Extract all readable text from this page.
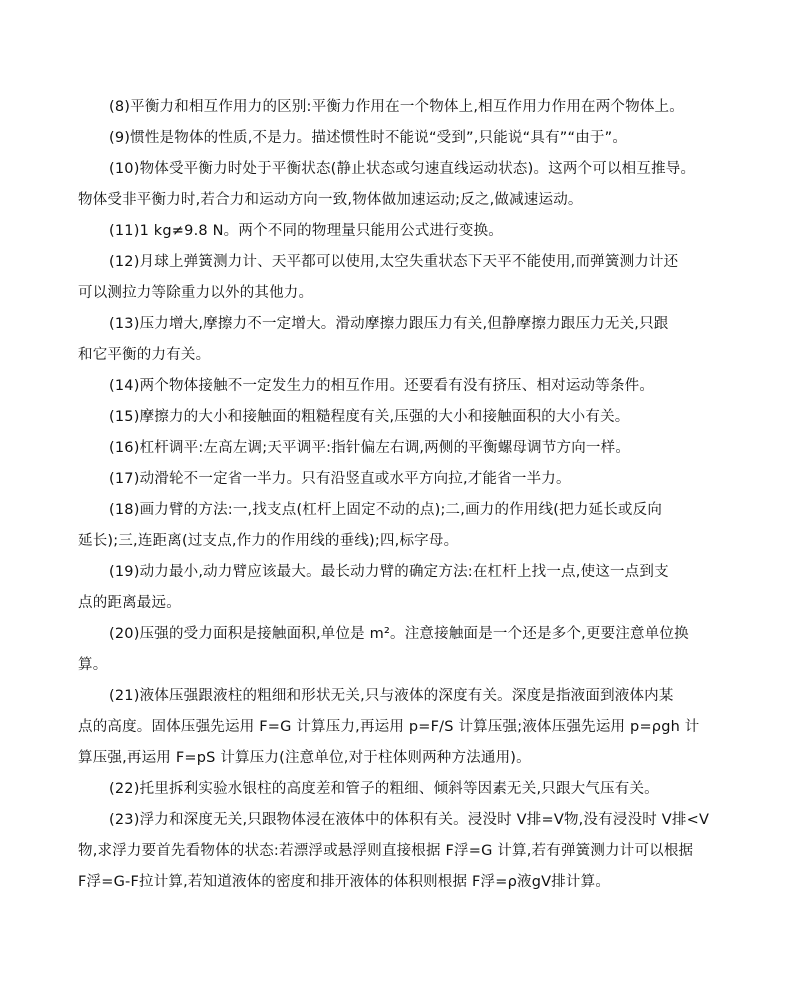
(8)平衡力和相互作用力的区别:平衡力作用在一个物体上,相互作用力作用在两个物体上。
(9)惯性是物体的性质,不是力。描述惯性时不能说“受到”,只能说“具有”“由于”。
(10)物体受平衡力时处于平衡状态(静止状态或匀速直线运动状态)。这两个可以相互推导。
物体受非平衡力时,若合力和运动方向一致,物体做加速运动;反之,做减速运动。
(11)1 kg≠9.8 N。两个不同的物理量只能用公式进行变换。
(12)月球上弹簧测力计、天平都可以使用,太空失重状态下天平不能使用,而弹簧测力计还
可以测拉力等除重力以外的其他力。
(13)压力增大,摩擦力不一定增大。滑动摩擦力跟压力有关,但静摩擦力跟压力无关,只跟
和它平衡的力有关。
(14)两个物体接触不一定发生力的相互作用。还要看有没有挤压、相对运动等条件。
(15)摩擦力的大小和接触面的粗糙程度有关,压强的大小和接触面积的大小有关。
(16)杠杆调平:左高左调;天平调平:指针偏左右调,两侧的平衡螺母调节方向一样。
(17)动滑轮不一定省一半力。只有沿竖直或水平方向拉,才能省一半力。
(18)画力臂的方法:一,找支点(杠杆上固定不动的点);二,画力的作用线(把力延长或反向
延长);三,连距离(过支点,作力的作用线的垂线);四,标字母。
(19)动力最小,动力臂应该最大。最长动力臂的确定方法:在杠杆上找一点,使这一点到支
点的距离最远。
(20)压强的受力面积是接触面积,单位是 m²。注意接触面是一个还是多个,更要注意单位换
算。
(21)液体压强跟液柱的粗细和形状无关,只与液体的深度有关。深度是指液面到液体内某
点的高度。固体压强先运用 F=G 计算压力,再运用 p=F/S 计算压强;液体压强先运用 p=ρgh 计
算压强,再运用 F=pS 计算压力(注意单位,对于柱体则两种方法通用)。
(22)托里拆利实验水银柱的高度差和管子的粗细、倾斜等因素无关,只跟大气压有关。
(23)浮力和深度无关,只跟物体浸在液体中的体积有关。浸没时 V排=V物,没有浸没时 V排<V
物,求浮力要首先看物体的状态:若漂浮或悬浮则直接根据 F浮=G 计算,若有弹簧测力计可以根据
F浮=G-F拉计算,若知道液体的密度和排开液体的体积则根据 F浮=ρ液gV排计算。
